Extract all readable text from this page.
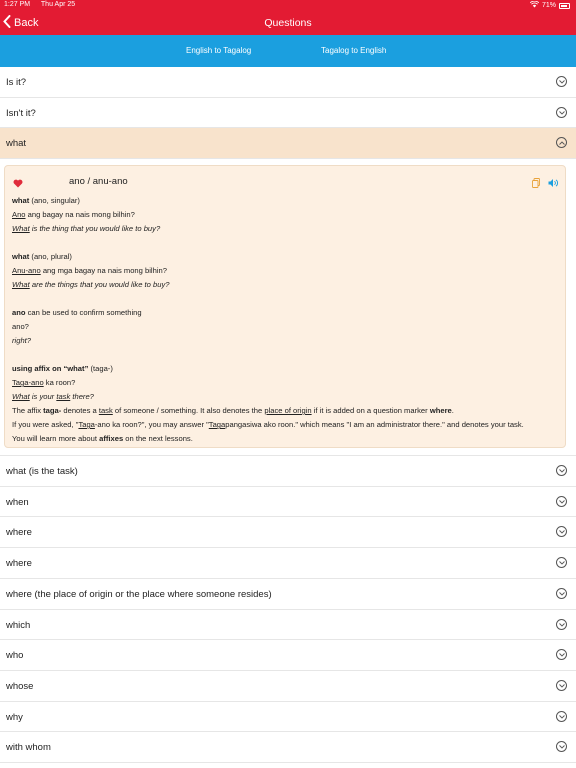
1:27 PM Thu Apr 25	71%
Back	Questions
English to Tagalog	Tagalog to English
Is it?
Isn't it?
what
ano / anu-ano

what (ano, singular)

Ano ang bagay na nais mong bilhin?

What is the thing that you would like to buy?

what (ano, plural)

Anu-ano ang mga bagay na nais mong bilhin?

What are the things that you would like to buy?

ano can be used to confirm something

ano?

right?

using affix on “what” (taga-)

Taga-ano ka roon?

What is your task there?

The affix taga- denotes a task of someone / something. It also denotes the place of origin if it is added on a question marker where.

If you were asked, "Taga-ano ka roon?", you may answer "Tagapangasiwa ako roon." which means "I am an administrator there." and denotes your task.

You will learn more about affixes on the next lessons.

what (is the task)
when
where
where
where (the place of origin or the place where someone resides)
which
who
whose
why
with whom
